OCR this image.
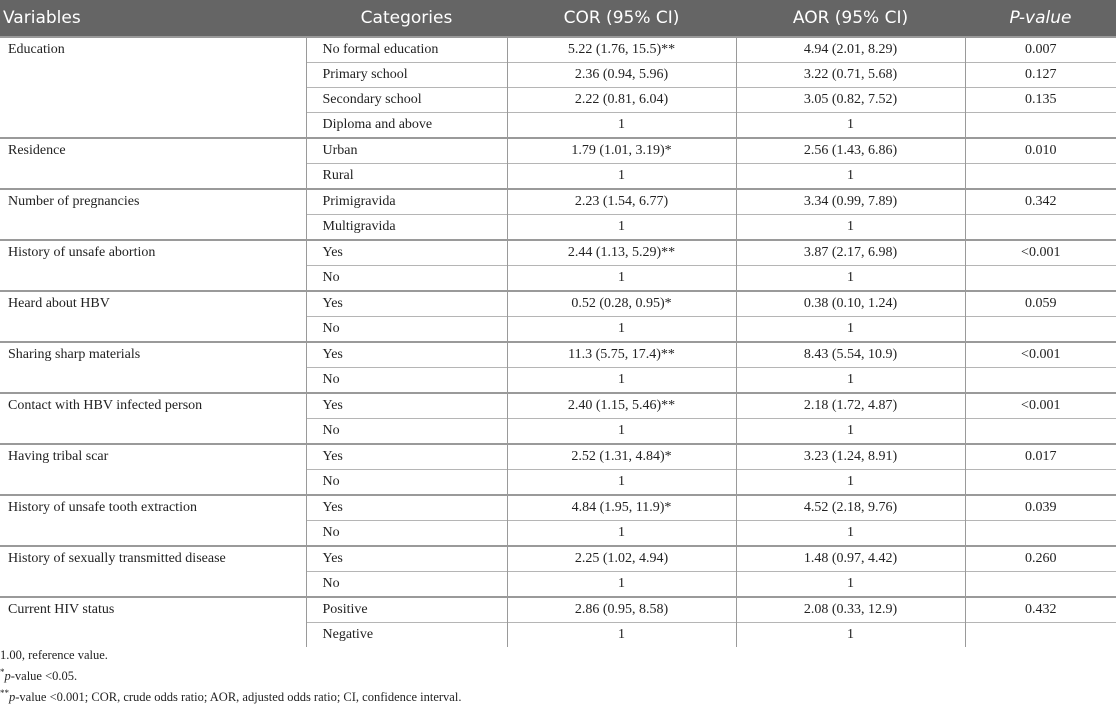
Variables	Categories	COR (95% CI)	AOR (95% CI)	P-value
Education	No formal education	5.22 (1.76, 15.5)**	4.94 (2.01, 8.29)	0.007
	Primary school	2.36 (0.94, 5.96)	3.22 (0.71, 5.68)	0.127
	Secondary school	2.22 (0.81, 6.04)	3.05 (0.82, 7.52)	0.135
	Diploma and above	1	1	
Residence	Urban	1.79 (1.01, 3.19)*	2.56 (1.43, 6.86)	0.010
	Rural	1	1	
Number of pregnancies	Primigravida	2.23 (1.54, 6.77)	3.34 (0.99, 7.89)	0.342
	Multigravida	1	1	
History of unsafe abortion	Yes	2.44 (1.13, 5.29)**	3.87 (2.17, 6.98)	<0.001
	No	1	1	
Heard about HBV	Yes	0.52 (0.28, 0.95)*	0.38 (0.10, 1.24)	0.059
	No	1	1	
Sharing sharp materials	Yes	11.3 (5.75, 17.4)**	8.43 (5.54, 10.9)	<0.001
	No	1	1	
Contact with HBV infected person	Yes	2.40 (1.15, 5.46)**	2.18 (1.72, 4.87)	<0.001
	No	1	1	
Having tribal scar	Yes	2.52 (1.31, 4.84)*	3.23 (1.24, 8.91)	0.017
	No	1	1	
History of unsafe tooth extraction	Yes	4.84 (1.95, 11.9)*	4.52 (2.18, 9.76)	0.039
	No	1	1	
History of sexually transmitted disease	Yes	2.25 (1.02, 4.94)	1.48 (0.97, 4.42)	0.260
	No	1	1	
Current HIV status	Positive	2.86 (0.95, 8.58)	2.08 (0.33, 12.9)	0.432
	Negative	1	1	
1.00, reference value.
*p-value <0.05.
**p-value <0.001; COR, crude odds ratio; AOR, adjusted odds ratio; CI, confidence interval.
